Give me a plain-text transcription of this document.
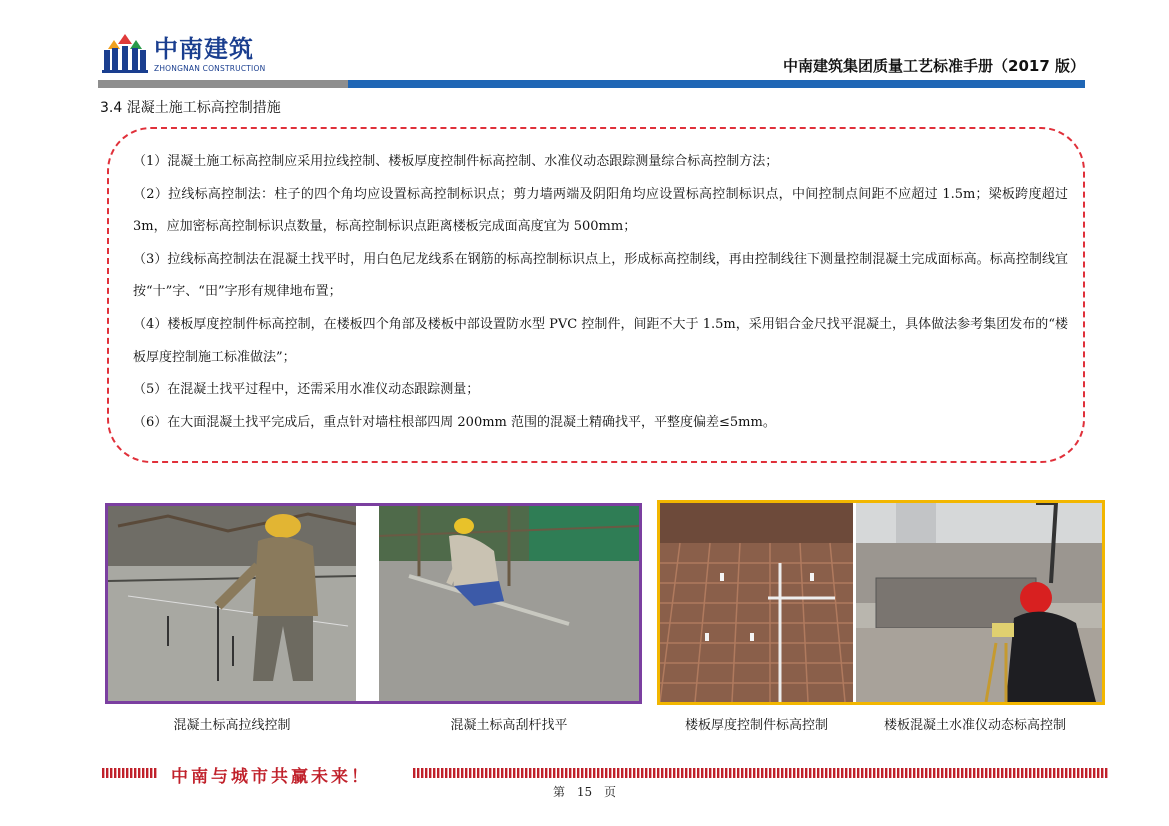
中南建筑
ZHONGNAN CONSTRUCTION	中南建筑集团质量工艺标准手册（2017 版）
3.4 混凝土施工标高控制措施

（1）混凝土施工标高控制应采用拉线控制、楼板厚度控制件标高控制、水准仪动态跟踪测量综合标高控制方法；

（2）拉线标高控制法：柱子的四个角均应设置标高控制标识点；剪力墙两端及阴阳角均应设置标高控制标识点，中间控制点间距不应超过 1.5m；梁板跨度超过 3m，应加密标高控制标识点数量，标高控制标识点距离楼板完成面高度宜为 500mm；

（3）拉线标高控制法在混凝土找平时，用白色尼龙线系在钢筋的标高控制标识点上，形成标高控制线，再由控制线往下测量控制混凝土完成面标高。标高控制线宜按“十”字、“田”字形有规律地布置；

（4）楼板厚度控制件标高控制，在楼板四个角部及楼板中部设置防水型 PVC 控制件，间距不大于 1.5m，采用铝合金尺找平混凝土，具体做法参考集团发布的“楼板厚度控制施工标准做法”；

（5）在混凝土找平过程中，还需采用水准仪动态跟踪测量；

（6）在大面混凝土找平完成后，重点针对墙柱根部四周 200mm 范围的混凝土精确找平，平整度偏差≤5mm。

混凝土标高拉线控制	混凝土标高刮杆找平	楼板厚度控制件标高控制	楼板混凝土水准仪动态标高控制
中南与城市共赢未来！
第 15 页
